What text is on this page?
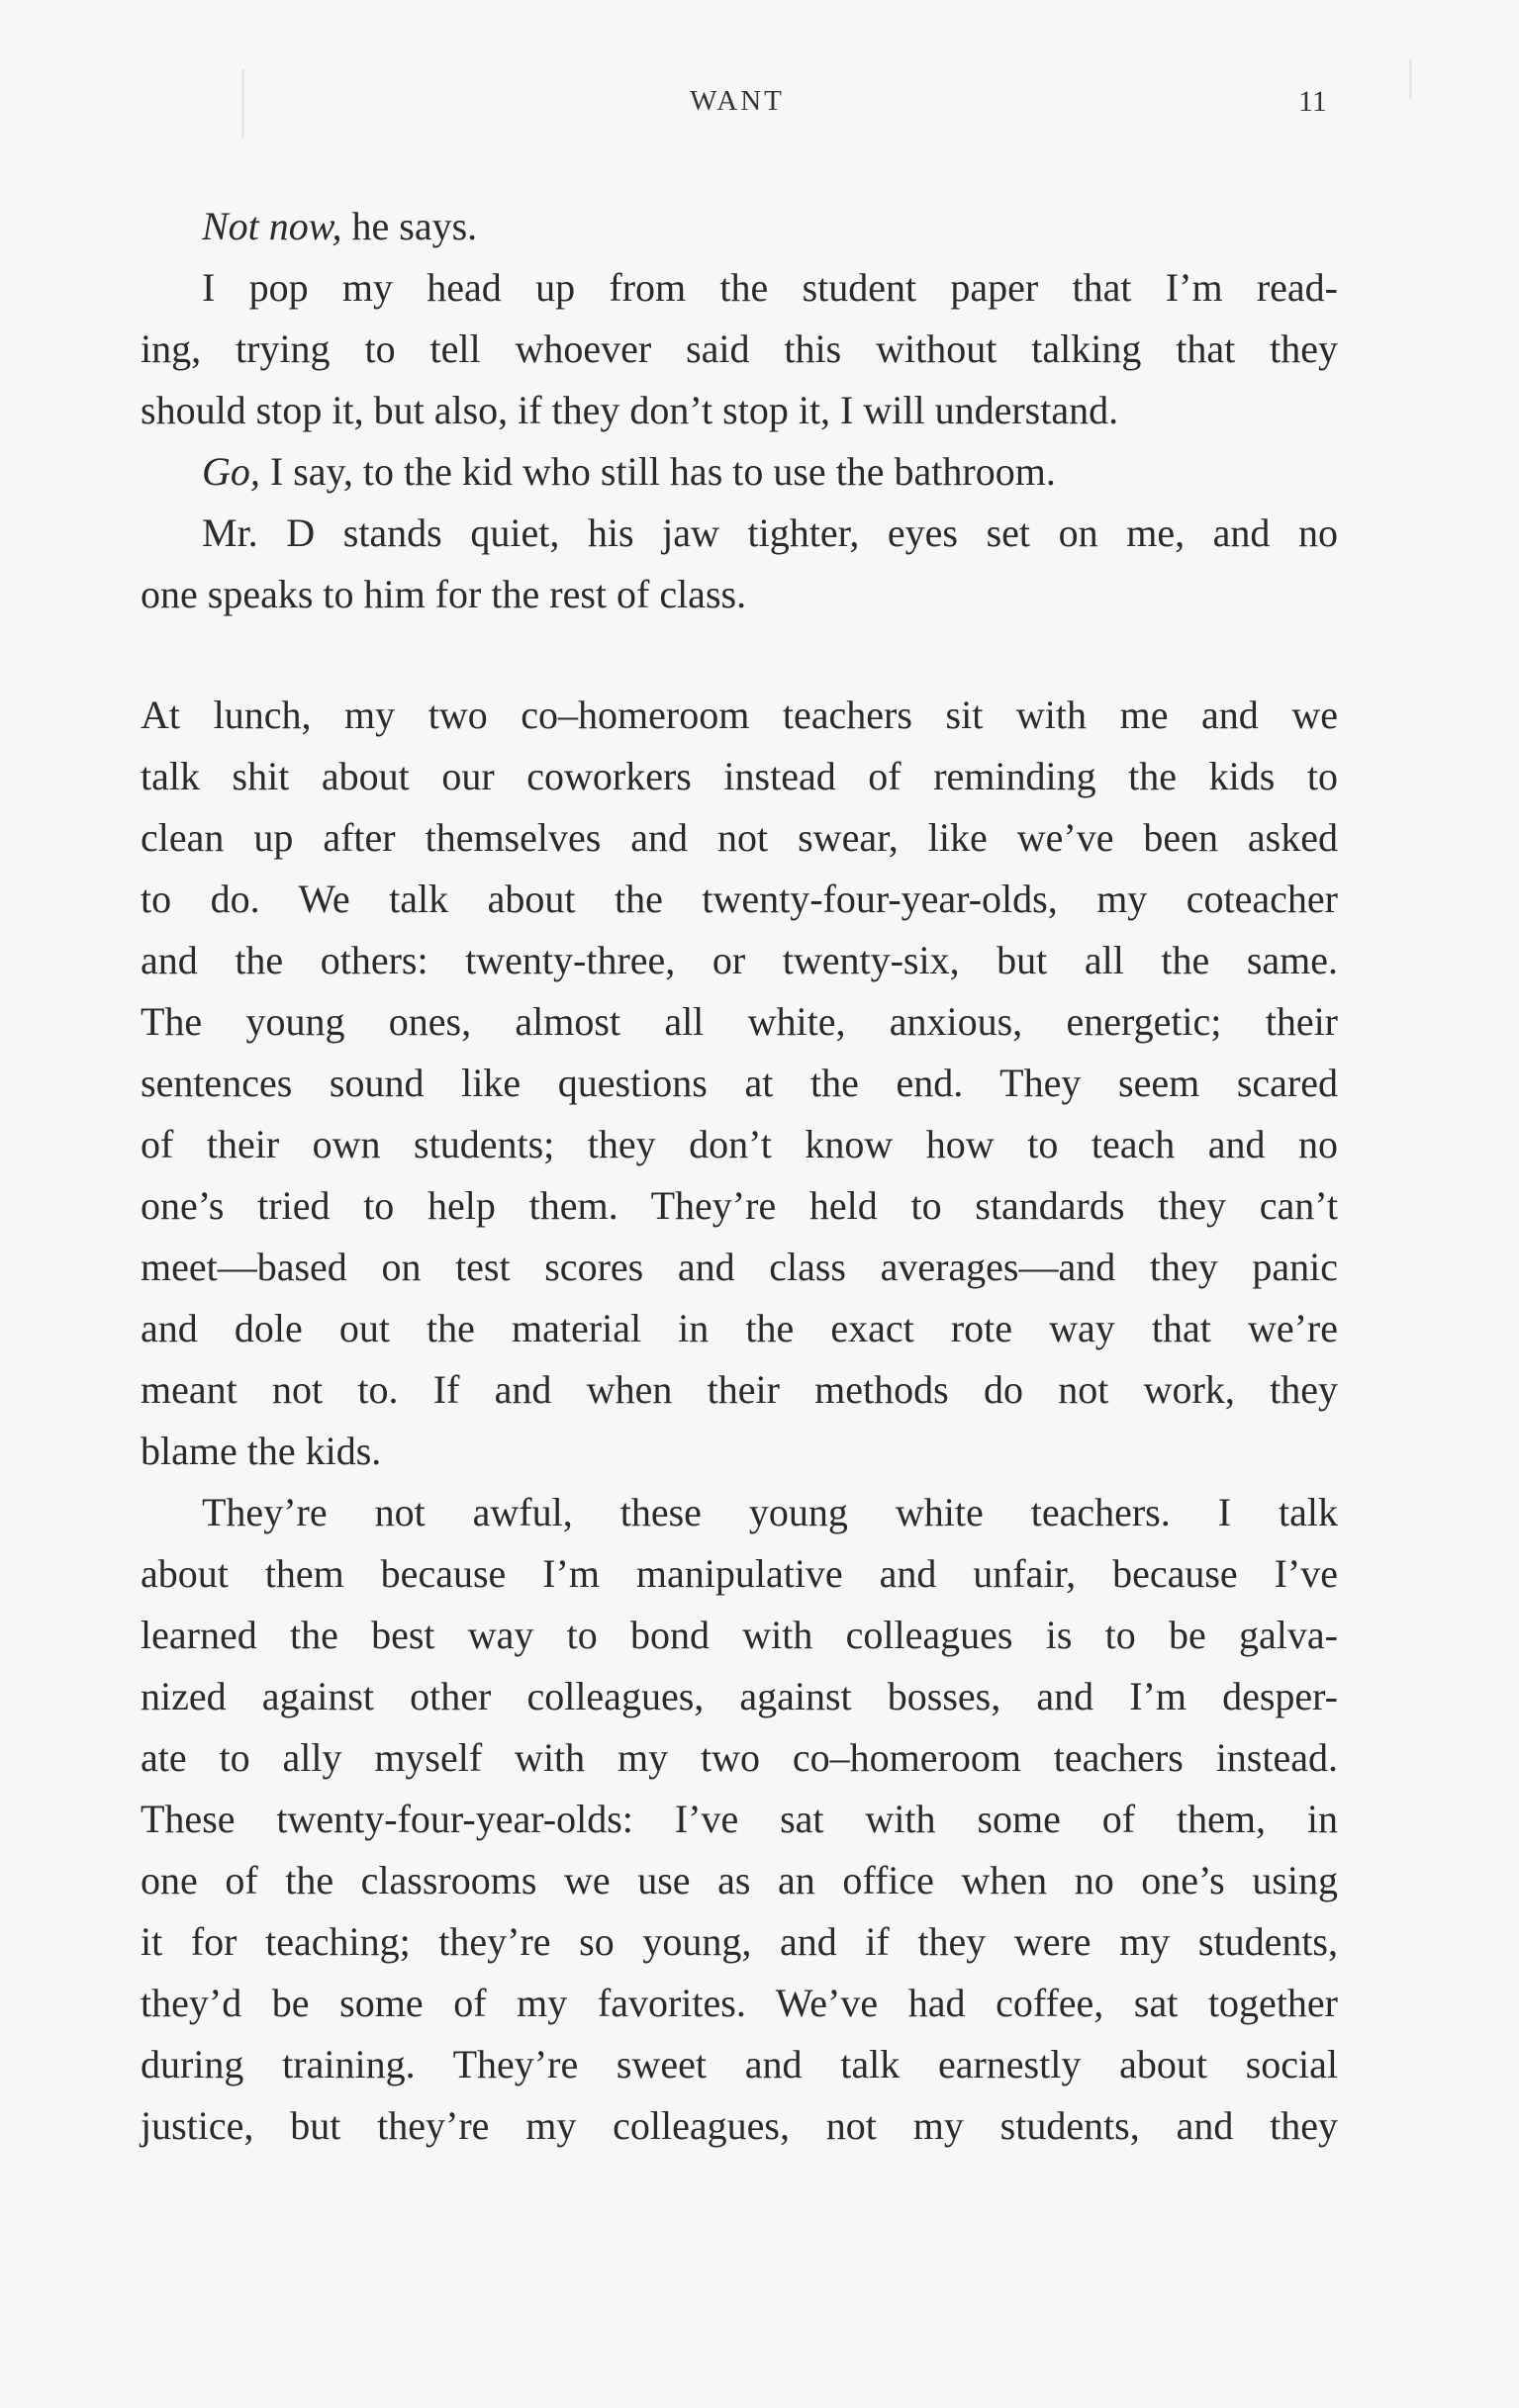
WANT	11
Not now, he says.
I pop my head up from the student paper that I’m read-
ing, trying to tell whoever said this without talking that they
should stop it, but also, if they don’t stop it, I will understand.
Go, I say, to the kid who still has to use the bathroom.
Mr. D stands quiet, his jaw tighter, eyes set on me, and no
one speaks to him for the rest of class.
At lunch, my two co–homeroom teachers sit with me and we
talk shit about our coworkers instead of reminding the kids to
clean up after themselves and not swear, like we’ve been asked
to do. We talk about the twenty-four-year-olds, my coteacher
and the others: twenty-three, or twenty-six, but all the same.
The young ones, almost all white, anxious, energetic; their
sentences sound like questions at the end. They seem scared
of their own students; they don’t know how to teach and no
one’s tried to help them. They’re held to standards they can’t
meet—based on test scores and class averages—and they panic
and dole out the material in the exact rote way that we’re
meant not to. If and when their methods do not work, they
blame the kids.
They’re not awful, these young white teachers. I talk
about them because I’m manipulative and unfair, because I’ve
learned the best way to bond with colleagues is to be galva-
nized against other colleagues, against bosses, and I’m desper-
ate to ally myself with my two co–homeroom teachers instead.
These twenty-four-year-olds: I’ve sat with some of them, in
one of the classrooms we use as an office when no one’s using
it for teaching; they’re so young, and if they were my students,
they’d be some of my favorites. We’ve had coffee, sat together
during training. They’re sweet and talk earnestly about social
justice, but they’re my colleagues, not my students, and they
